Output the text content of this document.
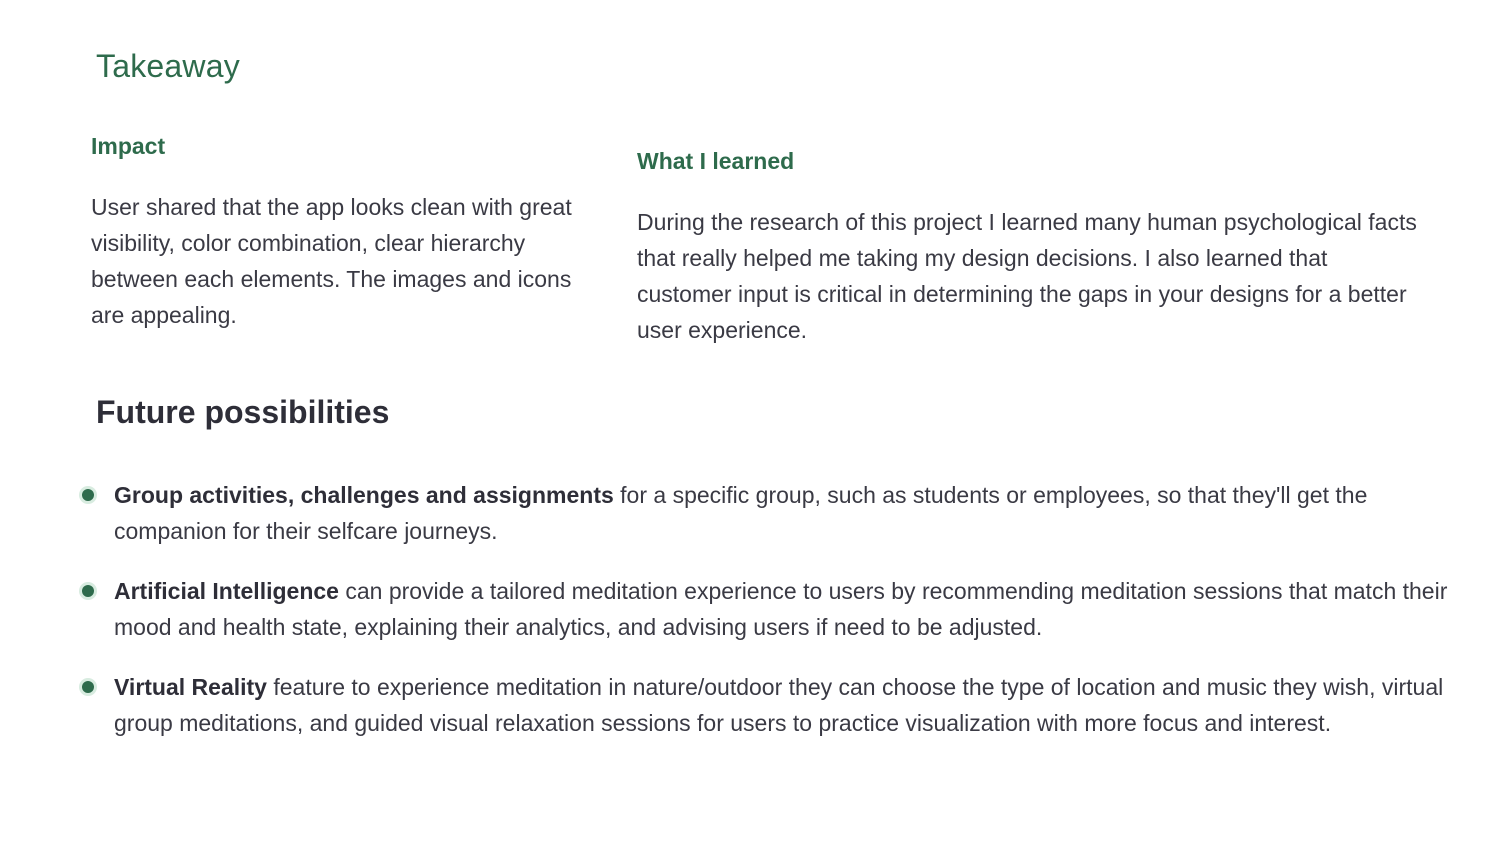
Takeaway
Impact

User shared that the app looks clean with great visibility, color combination, clear hierarchy between each elements. The images and icons are appealing.

What I learned

During the research of this project I learned many human psychological facts that really helped me taking my design decisions. I also learned that customer input is critical in determining the gaps in your designs for a better user experience.

Future possibilities
Group activities, challenges and assignments for a specific group, such as students or employees, so that they'll get the companion for their selfcare journeys.
Artificial Intelligence can provide a tailored meditation experience to users by recommending meditation sessions that match their mood and health state, explaining their analytics, and advising users if need to be adjusted.
Virtual Reality feature to experience meditation in nature/outdoor they can choose the type of location and music they wish, virtual group meditations, and guided visual relaxation sessions for users to practice visualization with more focus and interest.
